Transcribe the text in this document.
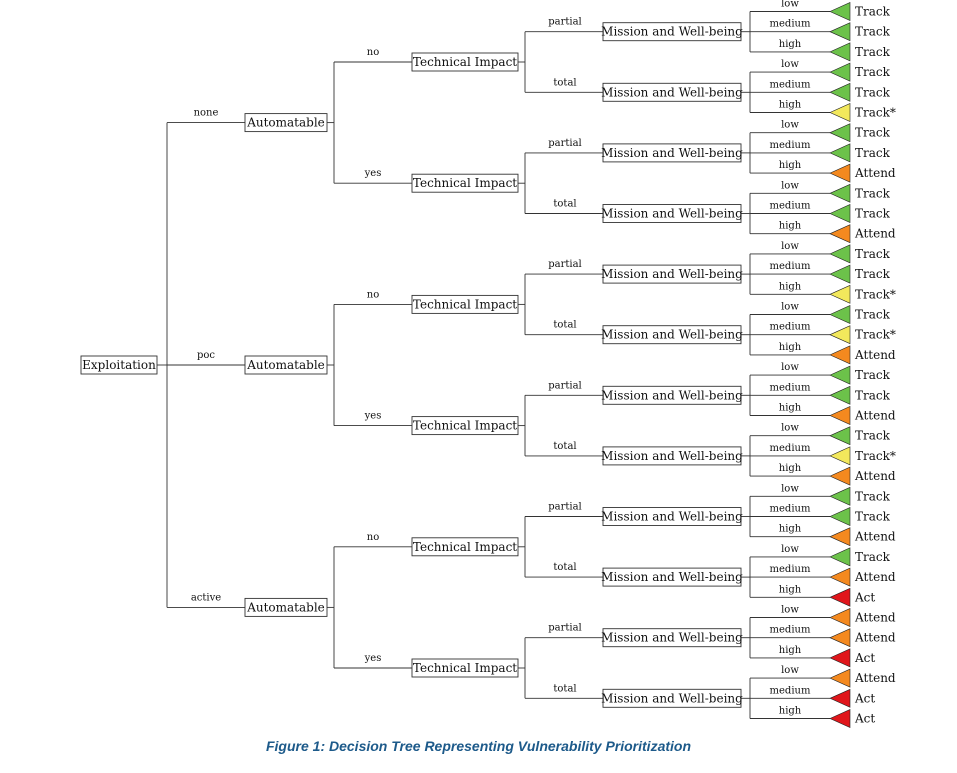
low
medium
high
low
medium
high
low
medium
high
low
medium
high
low
medium
high
low
medium
high
low
medium
high
low
medium
high
low
medium
high
low
medium
high
low
medium
high
low
medium
high
Mission and Well-being
Mission and Well-being
Mission and Well-being
Mission and Well-being
Mission and Well-being
Mission and Well-being
Mission and Well-being
Mission and Well-being
Mission and Well-being
Mission and Well-being
Mission and Well-being
Mission and Well-being
partial
total
Technical Impact
partial
total
Technical Impact
partial
total
Technical Impact
partial
total
Technical Impact
partial
total
Technical Impact
partial
total
Technical Impact
no
yes
Automatable
no
yes
Automatable
no
yes
Automatable
none
poc
active
Exploitation
Track
Track
Track
Track
Track
Track*
Track
Track
Attend
Track
Track
Attend
Track
Track
Track*
Track
Track*
Attend
Track
Track
Attend
Track
Track*
Attend
Track
Track
Attend
Track
Attend
Act
Attend
Attend
Act
Attend
Act
Act
Figure 1: Decision Tree Representing Vulnerability Prioritization
